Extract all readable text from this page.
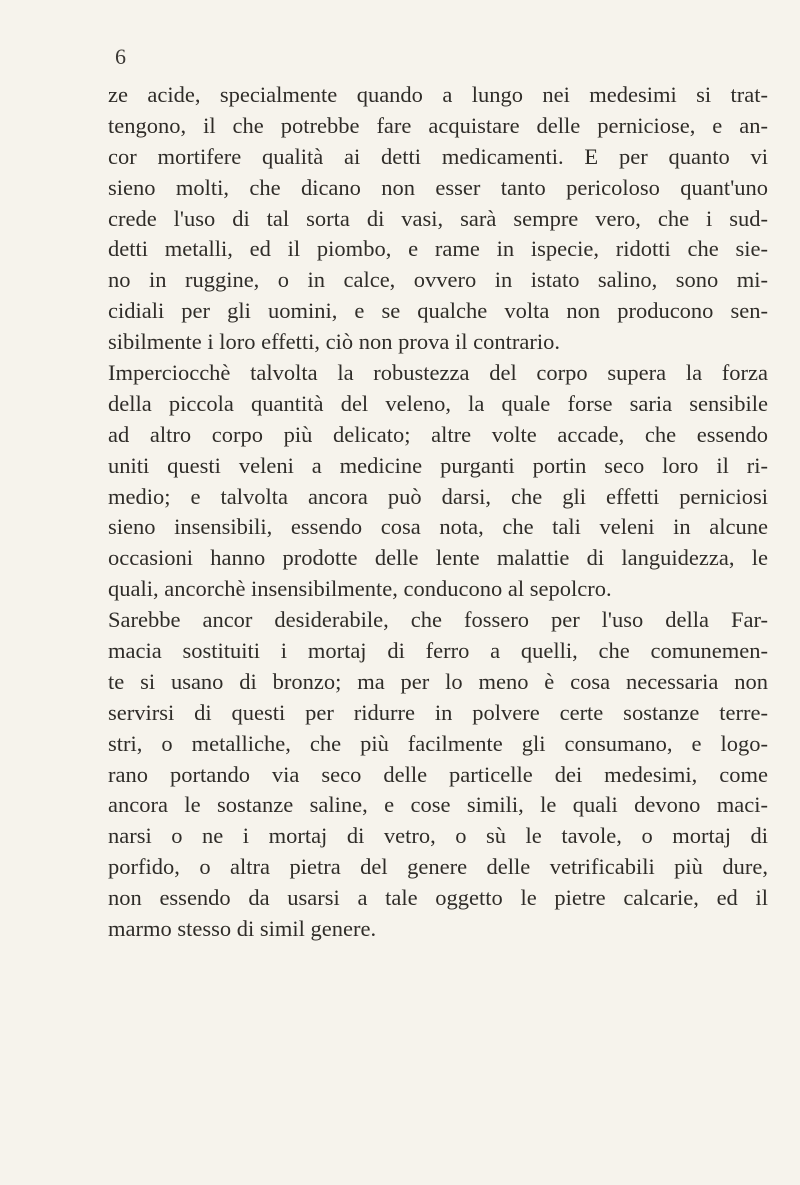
6
ze acide, specialmente quando a lungo nei medesimi si trat-
tengono, il che potrebbe fare acquistare delle perniciose, e an-
cor mortifere qualità ai detti medicamenti. E per quanto vi
sieno molti, che dicano non esser tanto pericoloso quant'uno
crede l'uso di tal sorta di vasi, sarà sempre vero, che i sud-
detti metalli, ed il piombo, e rame in ispecie, ridotti che sie-
no in ruggine, o in calce, ovvero in istato salino, sono mi-
cidiali per gli uomini, e se qualche volta non producono sen-
sibilmente i loro effetti, ciò non prova il contrario.
Imperciocchè talvolta la robustezza del corpo supera la forza
della piccola quantità del veleno, la quale forse saria sensibile
ad altro corpo più delicato; altre volte accade, che essendo
uniti questi veleni a medicine purganti portin seco loro il ri-
medio; e talvolta ancora può darsi, che gli effetti perniciosi
sieno insensibili, essendo cosa nota, che tali veleni in alcune
occasioni hanno prodotte delle lente malattie di languidezza, le
quali, ancorchè insensibilmente, conducono al sepolcro.
Sarebbe ancor desiderabile, che fossero per l'uso della Far-
macia sostituiti i mortaj di ferro a quelli, che comunemen-
te si usano di bronzo; ma per lo meno è cosa necessaria non
servirsi di questi per ridurre in polvere certe sostanze terre-
stri, o metalliche, che più facilmente gli consumano, e logo-
rano portando via seco delle particelle dei medesimi, come
ancora le sostanze saline, e cose simili, le quali devono maci-
narsi o ne i mortaj di vetro, o sù le tavole, o mortaj di
porfido, o altra pietra del genere delle vetrificabili più dure,
non essendo da usarsi a tale oggetto le pietre calcarie, ed il
marmo stesso di simil genere.
